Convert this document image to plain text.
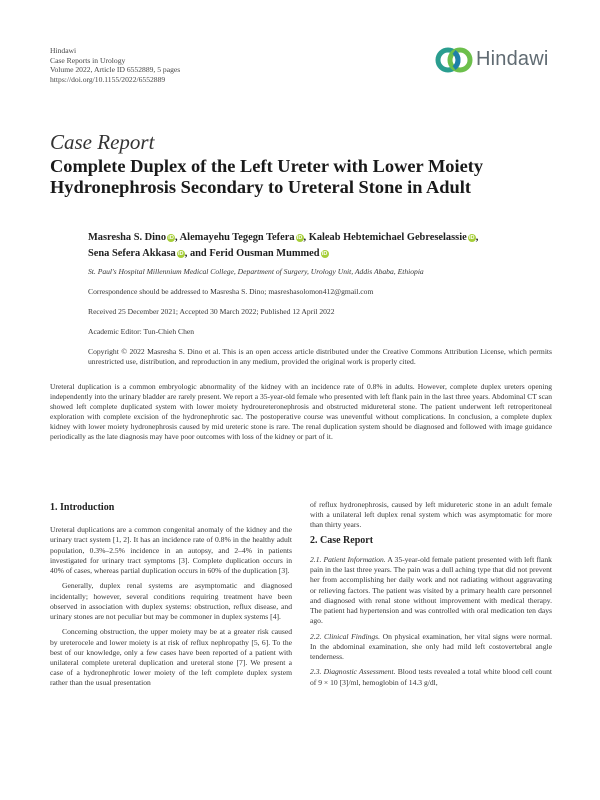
Hindawi
Case Reports in Urology
Volume 2022, Article ID 6552889, 5 pages
https://doi.org/10.1155/2022/6552889
Hindawi
Case Report
Complete Duplex of the Left Ureter with Lower Moiety Hydronephrosis Secondary to Ureteral Stone in Adult
Masresha S. Dino iD, Alemayehu Tegegn Tefera iD, Kaleab Hebtemichael Gebreselassie iD,
Sena Sefera Akkasa iD, and Ferid Ousman Mummed iD
St. Paul's Hospital Millennium Medical College, Department of Surgery, Urology Unit, Addis Ababa, Ethiopia
Correspondence should be addressed to Masresha S. Dino; masreshasolomon412@gmail.com
Received 25 December 2021; Accepted 30 March 2022; Published 12 April 2022
Academic Editor: Tun-Chieh Chen
Copyright © 2022 Masresha S. Dino et al. This is an open access article distributed under the Creative Commons Attribution License, which permits unrestricted use, distribution, and reproduction in any medium, provided the original work is properly cited.
Ureteral duplication is a common embryologic abnormality of the kidney with an incidence rate of 0.8% in adults. However, complete duplex ureters opening independently into the urinary bladder are rarely present. We report a 35-year-old female who presented with left flank pain in the last three years. Abdominal CT scan showed left complete duplicated system with lower moiety hydroureteronephrosis and obstructed midureteral stone. The patient underwent left retroperitoneal exploration with complete excision of the hydronephrotic sac. The postoperative course was uneventful without complications. In conclusion, a complete duplex kidney with lower moiety hydronephrosis caused by mid ureteric stone is rare. The renal duplication system should be diagnosed and followed with image guidance periodically as the late diagnosis may have poor outcomes with loss of the kidney or part of it.
1. Introduction

Ureteral duplications are a common congenital anomaly of the kidney and the urinary tract system [1, 2]. It has an incidence rate of 0.8% in the healthy adult population, 0.3%–2.5% incidence in an autopsy, and 2–4% in patients investigated for urinary tract symptoms [3]. Complete duplication occurs in 40% of cases, whereas partial duplication occurs in 60% of the duplication [3].

Generally, duplex renal systems are asymptomatic and diagnosed incidentally; however, several conditions requiring treatment have been observed in association with duplex systems: obstruction, reflux disease, and urinary stones are not peculiar but may be commoner in duplex systems [4].

Concerning obstruction, the upper moiety may be at a greater risk caused by ureterocele and lower moiety is at risk of reflux nephropathy [5, 6]. To the best of our knowledge, only a few cases have been reported of a patient with unilateral complete ureteral duplication and ureteral stone [7]. We present a case of a hydronephrotic lower moiety of the left complete duplex system rather than the usual presentation

of reflux hydronephrosis, caused by left midureteric stone in an adult female with a unilateral left duplex renal system which was asymptomatic for more than thirty years.

2. Case Report

2.1. Patient Information. A 35-year-old female patient presented with left flank pain in the last three years. The pain was a dull aching type that did not prevent her from accomplishing her daily work and not radiating without aggravating or relieving factors. The patient was visited by a primary health care personnel and diagnosed with renal stone without improvement with medical therapy. The patient had hypertension and was controlled with oral medication ten days ago.

2.2. Clinical Findings. On physical examination, her vital signs were normal. In the abdominal examination, she only had mild left costovertebral angle tenderness.

2.3. Diagnostic Assessment. Blood tests revealed a total white blood cell count of 9 × 10 [3]/ml, hemoglobin of 14.3 g/dl,
